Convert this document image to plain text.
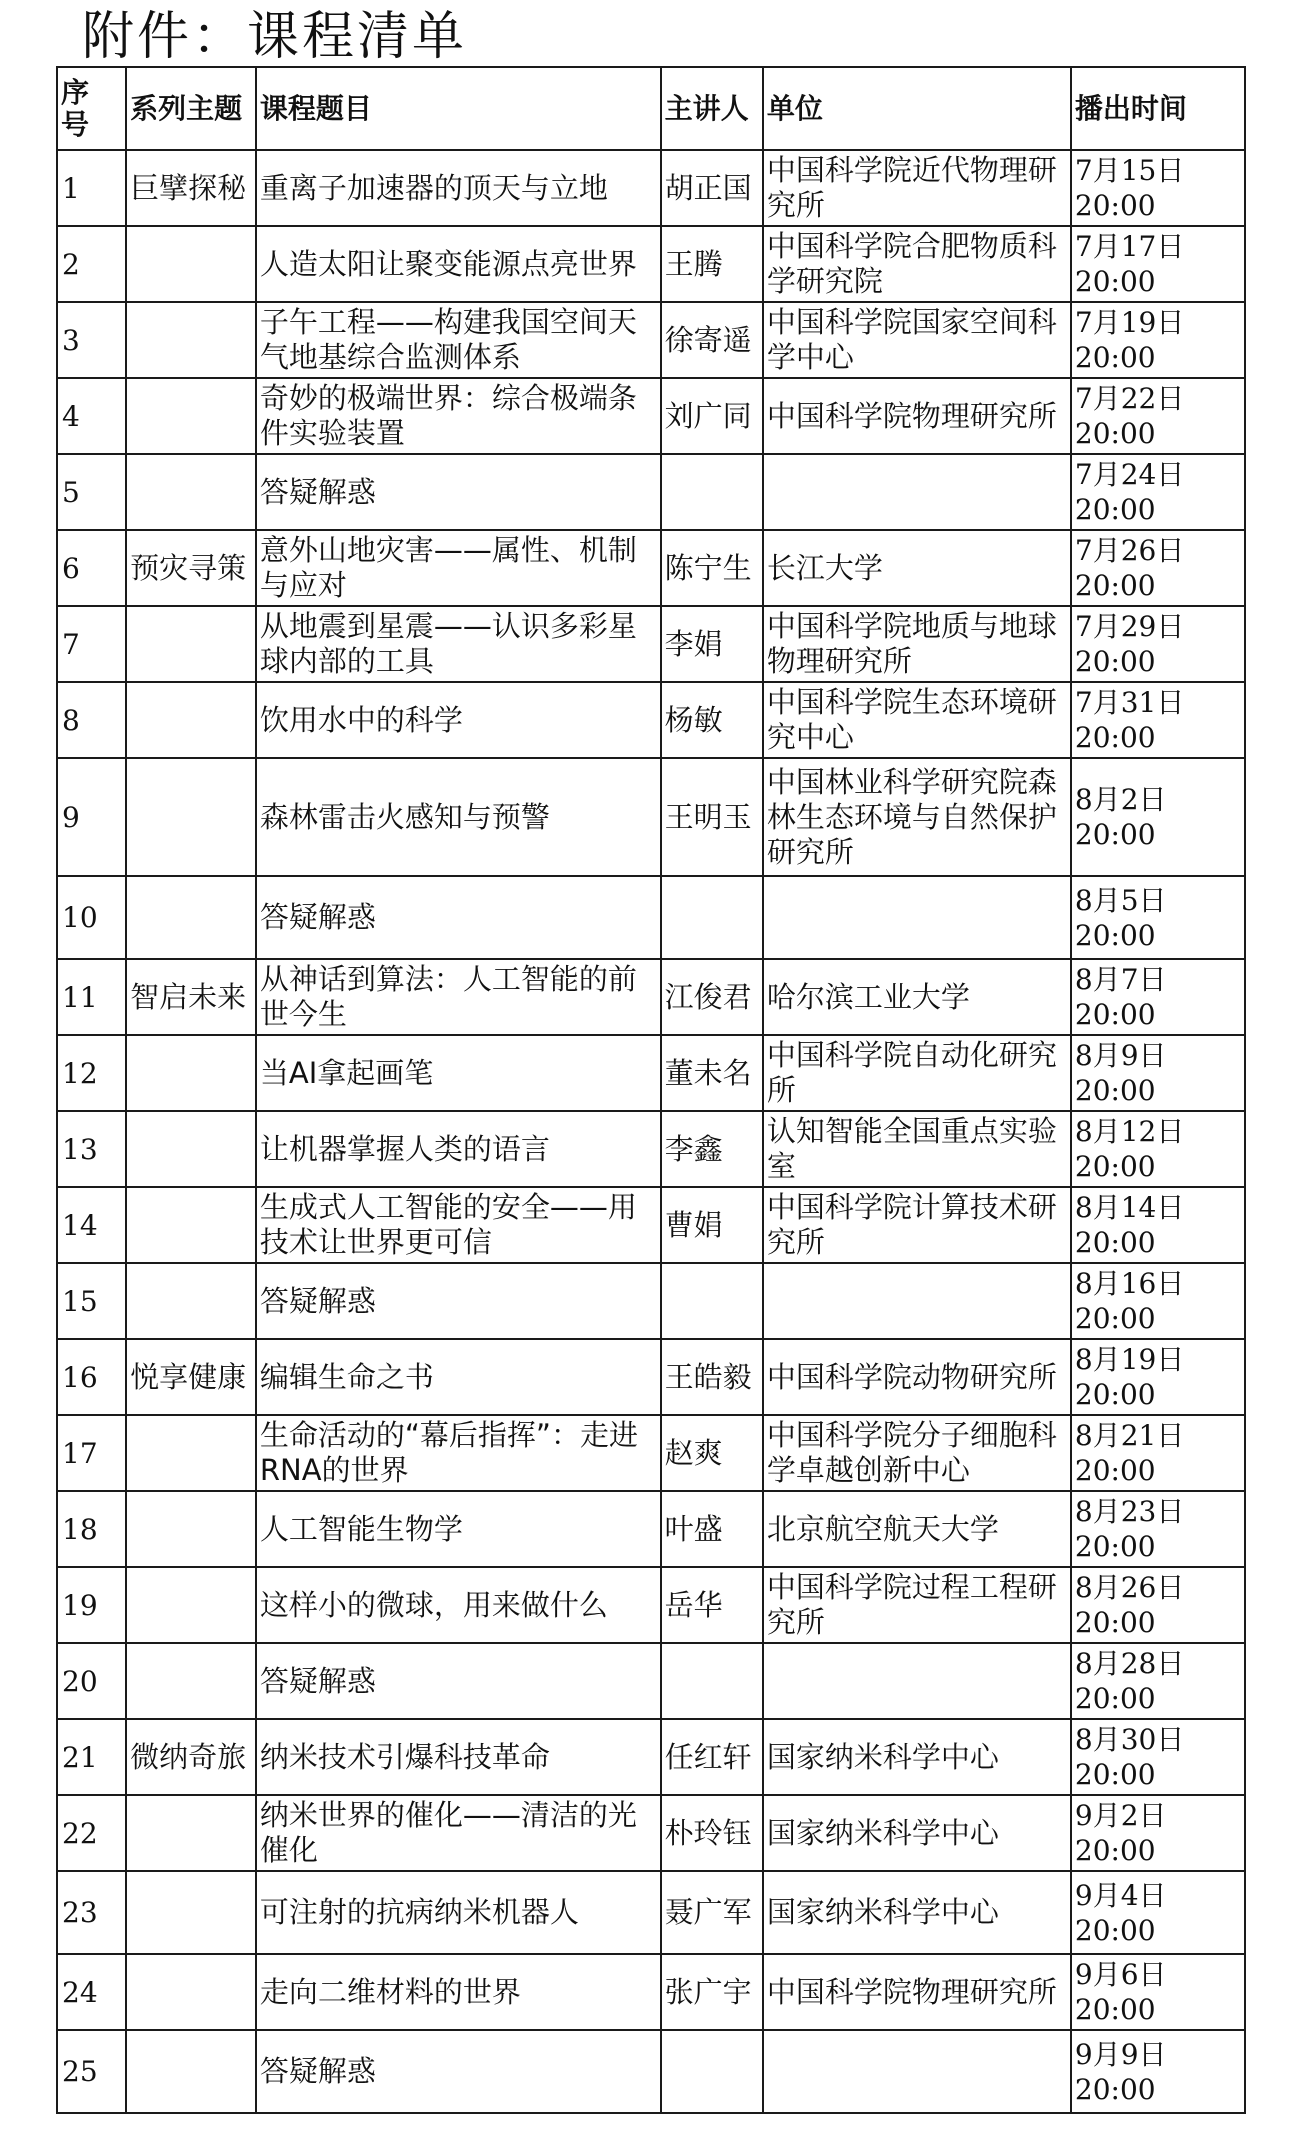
附件：课程清单
序号	系列主题	课程题目	主讲人	单位	播出时间
1	巨擘探秘	重离子加速器的顶天与立地	胡正国	中国科学院近代物理研究所	7月15日20:00
2		人造太阳让聚变能源点亮世界	王腾	中国科学院合肥物质科学研究院	7月17日20:00
3		子午工程——构建我国空间天气地基综合监测体系	徐寄遥	中国科学院国家空间科学中心	7月19日20:00
4		奇妙的极端世界：综合极端条件实验装置	刘广同	中国科学院物理研究所	7月22日20:00
5		答疑解惑			7月24日20:00
6	预灾寻策	意外山地灾害——属性、机制与应对	陈宁生	长江大学	7月26日20:00
7		从地震到星震——认识多彩星球内部的工具	李娟	中国科学院地质与地球物理研究所	7月29日20:00
8		饮用水中的科学	杨敏	中国科学院生态环境研究中心	7月31日20:00
9		森林雷击火感知与预警	王明玉	中国林业科学研究院森林生态环境与自然保护研究所	8月2日20:00
10		答疑解惑			8月5日20:00
11	智启未来	从神话到算法：人工智能的前世今生	江俊君	哈尔滨工业大学	8月7日20:00
12		当AI拿起画笔	董未名	中国科学院自动化研究所	8月9日20:00
13		让机器掌握人类的语言	李鑫	认知智能全国重点实验室	8月12日20:00
14		生成式人工智能的安全——用技术让世界更可信	曹娟	中国科学院计算技术研究所	8月14日20:00
15		答疑解惑			8月16日20:00
16	悦享健康	编辑生命之书	王皓毅	中国科学院动物研究所	8月19日20:00
17		生命活动的“幕后指挥”：走进RNA的世界	赵爽	中国科学院分子细胞科学卓越创新中心	8月21日20:00
18		人工智能生物学	叶盛	北京航空航天大学	8月23日20:00
19		这样小的微球，用来做什么	岳华	中国科学院过程工程研究所	8月26日20:00
20		答疑解惑			8月28日20:00
21	微纳奇旅	纳米技术引爆科技革命	任红轩	国家纳米科学中心	8月30日20:00
22		纳米世界的催化——清洁的光催化	朴玲钰	国家纳米科学中心	9月2日20:00
23		可注射的抗病纳米机器人	聂广军	国家纳米科学中心	9月4日20:00
24		走向二维材料的世界	张广宇	中国科学院物理研究所	9月6日20:00
25		答疑解惑			9月9日20:00
